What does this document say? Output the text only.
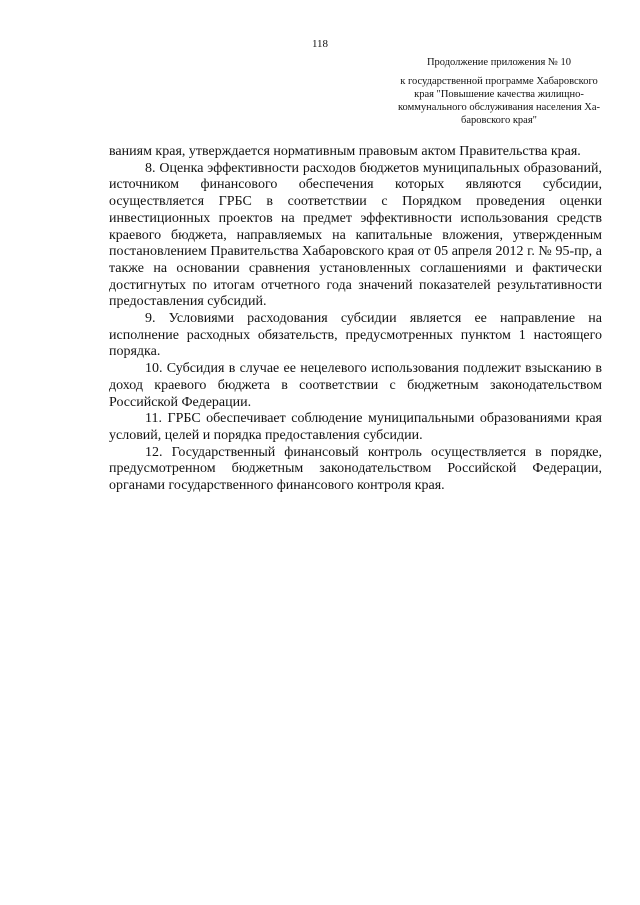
118
Продолжение приложения № 10
к государственной программе Хабаровского
края "Повышение качества жилищно-
коммунального обслуживания населения Ха-
баровского края"

ваниям края, утверждается нормативным правовым актом Правительства края.

8. Оценка эффективности расходов бюджетов муниципальных образований, источником финансового обеспечения которых являются субсидии, осуществляется ГРБС в соответствии с Порядком проведения оценки инвестиционных проектов на предмет эффективности использования средств краевого бюджета, направляемых на капитальные вложения, утвержденным постановлением Правительства Хабаровского края от 05 апреля 2012 г. № 95-пр, а также на основании сравнения установленных соглашениями и фактически достигнутых по итогам отчетного года значений показателей результативности предоставления субсидий.

9. Условиями расходования субсидии является ее направление на исполнение расходных обязательств, предусмотренных пунктом 1 настоящего порядка.

10. Субсидия в случае ее нецелевого использования подлежит взысканию в доход краевого бюджета в соответствии с бюджетным законодательством Российской Федерации.

11. ГРБС обеспечивает соблюдение муниципальными образованиями края условий, целей и порядка предоставления субсидии.

12. Государственный финансовый контроль осуществляется в порядке, предусмотренном бюджетным законодательством Российской Федерации, органами государственного финансового контроля края.
